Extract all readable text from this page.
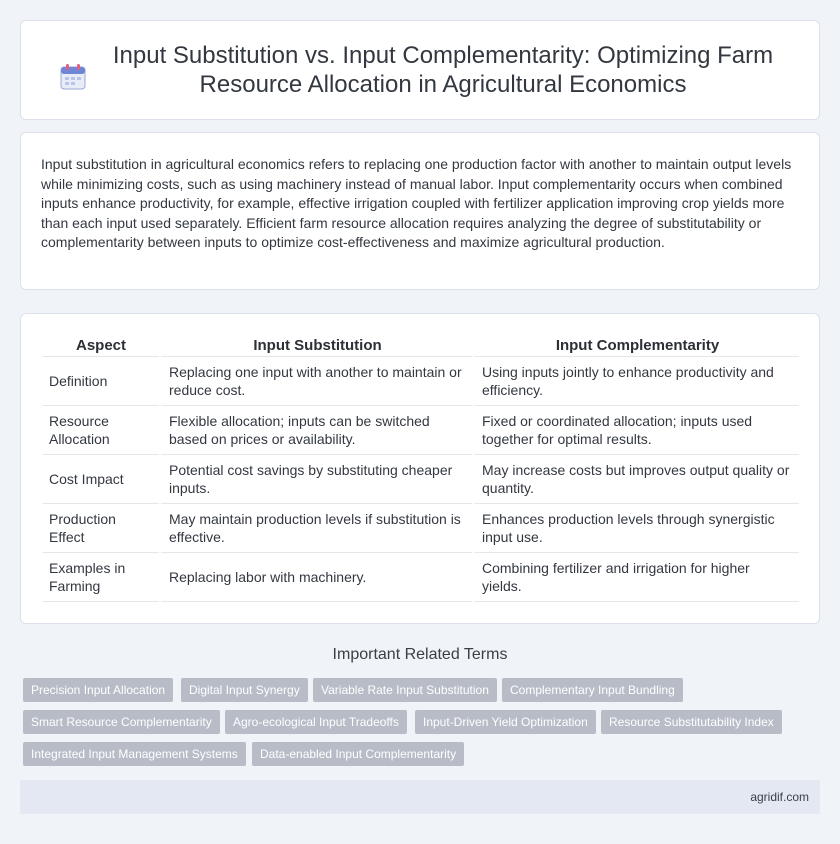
Input Substitution vs. Input Complementarity: Optimizing Farm Resource Allocation in Agricultural Economics

Input substitution in agricultural economics refers to replacing one production factor with another to maintain output levels while minimizing costs, such as using machinery instead of manual labor. Input complementarity occurs when combined inputs enhance productivity, for example, effective irrigation coupled with fertilizer application improving crop yields more than each input used separately. Efficient farm resource allocation requires analyzing the degree of substitutability or complementarity between inputs to optimize cost-effectiveness and maximize agricultural production.

Aspect	Input Substitution	Input Complementarity
Definition	Replacing one input with another to maintain or reduce cost.	Using inputs jointly to enhance productivity and efficiency.
Resource Allocation	Flexible allocation; inputs can be switched based on prices or availability.	Fixed or coordinated allocation; inputs used together for optimal results.
Cost Impact	Potential cost savings by substituting cheaper inputs.	May increase costs but improves output quality or quantity.
Production Effect	May maintain production levels if substitution is effective.	Enhances production levels through synergistic input use.
Examples in Farming	Replacing labor with machinery.	Combining fertilizer and irrigation for higher yields.
Important Related Terms
Precision Input Allocation	Digital Input Synergy	Variable Rate Input Substitution	Complementary Input Bundling
Smart Resource Complementarity	Agro-ecological Input Tradeoffs	Input-Driven Yield Optimization	Resource Substitutability Index
Integrated Input Management Systems	Data-enabled Input Complementarity
agridif.com
